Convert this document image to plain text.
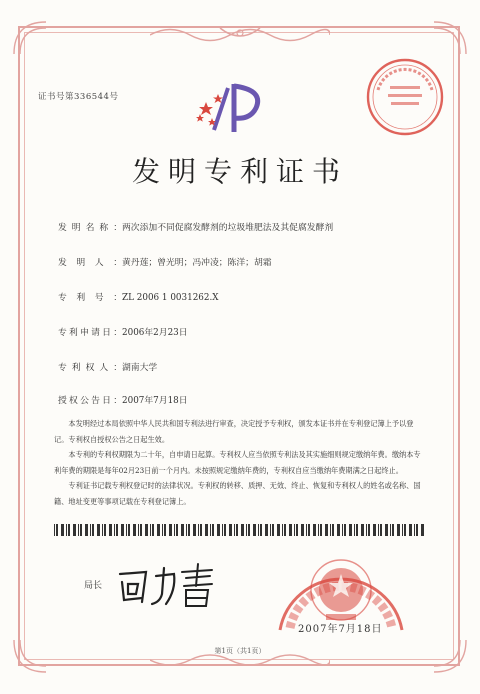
证书号第336544号
发明专利证书
发明名称：两次添加不同促腐发酵剂的垃圾堆肥法及其促腐发酵剂
发明人：黄丹莲；曾光明；冯冲凌；陈洋；胡霜
专利号：ZL 2006 1 0031262.X
专利申请日：2006年2月23日
专利权人：湖南大学
授权公告日：2007年7月18日

本发明经过本局依照中华人民共和国专利法进行审查，决定授予专利权，颁发本证书并在专利登记簿上予以登记。专利权自授权公告之日起生效。

本专利的专利权期限为二十年，自申请日起算。专利权人应当依照专利法及其实施细则规定缴纳年费。缴纳本专利年费的期限是每年02月23日前一个月内。未按照规定缴纳年费的，专利权自应当缴纳年费期满之日起终止。

专利证书记载专利权登记时的法律状况。专利权的转移、质押、无效、终止、恢复和专利权人的姓名或名称、国籍、地址变更等事项记载在专利登记簿上。

局长
2007年7月18日
第1页（共1页）
